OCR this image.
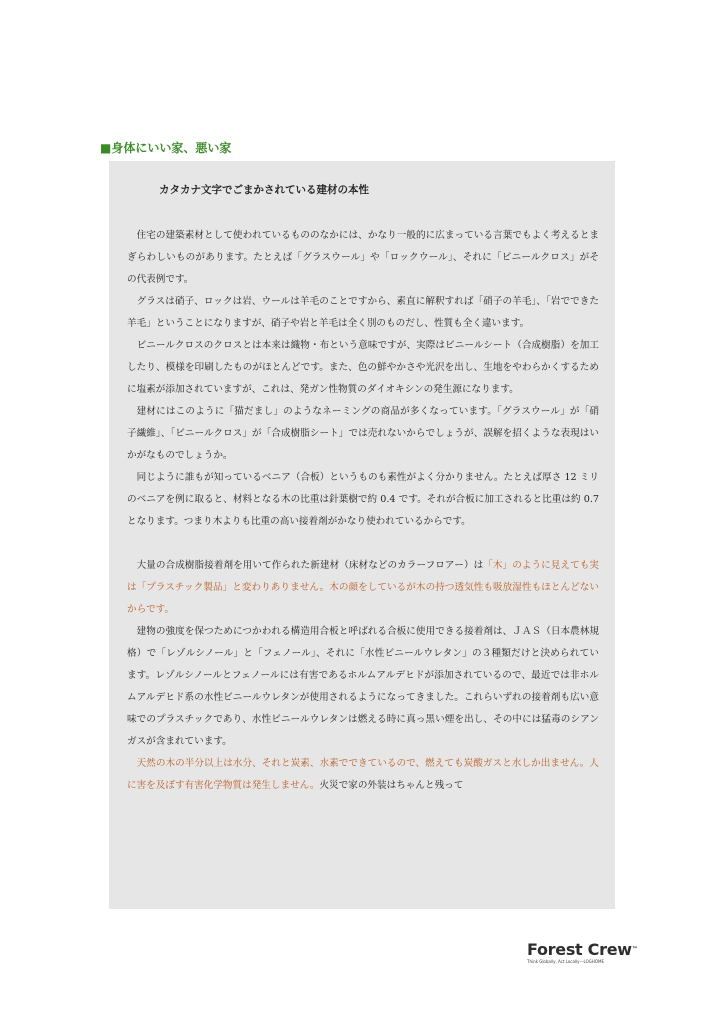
■身体にいい家、悪い家
カタカナ文字でごまかされている建材の本性

住宅の建築素材として使われているもののなかには、かなり一般的に広まっている言葉でもよく考えるとまぎらわしいものがあります。たとえば「グラスウール」や「ロックウール」、それに「ビニールクロス」がその代表例です。

グラスは硝子、ロックは岩、ウールは羊毛のことですから、素直に解釈すれば「硝子の羊毛」、「岩でできた羊毛」ということになりますが、硝子や岩と羊毛は全く別のものだし、性質も全く違います。

ビニールクロスのクロスとは本来は織物・布という意味ですが、実際はビニールシート（合成樹脂）を加工したり、模様を印刷したものがほとんどです。また、色の鮮やかさや光沢を出し、生地をやわらかくするために塩素が添加されていますが、これは、発ガン性物質のダイオキシンの発生源になります。

建材にはこのように「猫だまし」のようなネーミングの商品が多くなっています。「グラスウール」が「硝子繊維」、「ビニールクロス」が「合成樹脂シート」では売れないからでしょうが、誤解を招くような表現はいかがなものでしょうか。

同じように誰もが知っているベニア（合板）というものも素性がよく分かりません。たとえば厚さ 12 ミリのベニアを例に取ると、材料となる木の比重は針葉樹で約 0.4 です。それが合板に加工されると比重は約 0.7 となります。つまり木よりも比重の高い接着剤がかなり使われているからです。

大量の合成樹脂接着剤を用いて作られた新建材（床材などのカラーフロアー）は「木」のように見えても実は「プラスチック製品」と変わりありません。木の顔をしているが木の持つ透気性も吸放湿性もほとんどないからです。

建物の強度を保つためにつかわれる構造用合板と呼ばれる合板に使用できる接着剤は、ＪＡＳ（日本農林規格）で「レゾルシノール」と「フェノール」、それに「水性ビニールウレタン」の３種類だけと決められています。レゾルシノールとフェノールには有害であるホルムアルデヒドが添加されているので、最近では非ホルムアルデヒド系の水性ビニールウレタンが使用されるようになってきました。これらいずれの接着剤も広い意味でのプラスチックであり、水性ビニールウレタンは燃える時に真っ黒い煙を出し、その中には猛毒のシアンガスが含まれています。

天然の木の半分以上は水分、それと炭素、水素でできているので、燃えても炭酸ガスと水しか出ません。人に害を及ぼす有害化学物質は発生しません。火災で家の外装はちゃんと残って

Forest Crew™
Think Globally, Act Locally—LOGHOME
